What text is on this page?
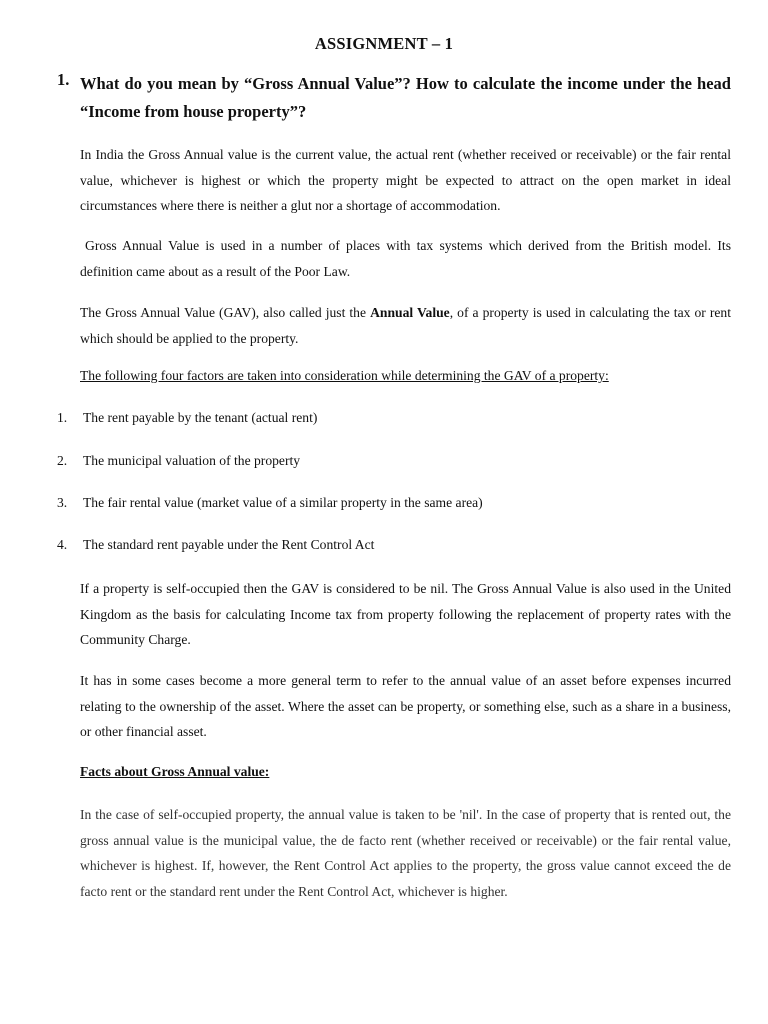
ASSIGNMENT – 1
1. What do you mean by “Gross Annual Value”? How to calculate the income under the head “Income from house property”?

In India the Gross Annual value is the current value, the actual rent (whether received or receivable) or the fair rental value, whichever is highest or which the property might be expected to attract on the open market in ideal circumstances where there is neither a glut nor a shortage of accommodation.

Gross Annual Value is used in a number of places with tax systems which derived from the British model. Its definition came about as a result of the Poor Law.

The Gross Annual Value (GAV), also called just the Annual Value, of a property is used in calculating the tax or rent which should be applied to the property.

The following four factors are taken into consideration while determining the GAV of a property:
1. The rent payable by the tenant (actual rent)
2. The municipal valuation of the property
3. The fair rental value (market value of a similar property in the same area)
4. The standard rent payable under the Rent Control Act

If a property is self-occupied then the GAV is considered to be nil. The Gross Annual Value is also used in the United Kingdom as the basis for calculating Income tax from property following the replacement of property rates with the Community Charge.

It has in some cases become a more general term to refer to the annual value of an asset before expenses incurred relating to the ownership of the asset. Where the asset can be property, or something else, such as a share in a business, or other financial asset.

Facts about Gross Annual value:

In the case of self-occupied property, the annual value is taken to be 'nil'. In the case of property that is rented out, the gross annual value is the municipal value, the de facto rent (whether received or receivable) or the fair rental value, whichever is highest. If, however, the Rent Control Act applies to the property, the gross value cannot exceed the de facto rent or the standard rent under the Rent Control Act, whichever is higher.
